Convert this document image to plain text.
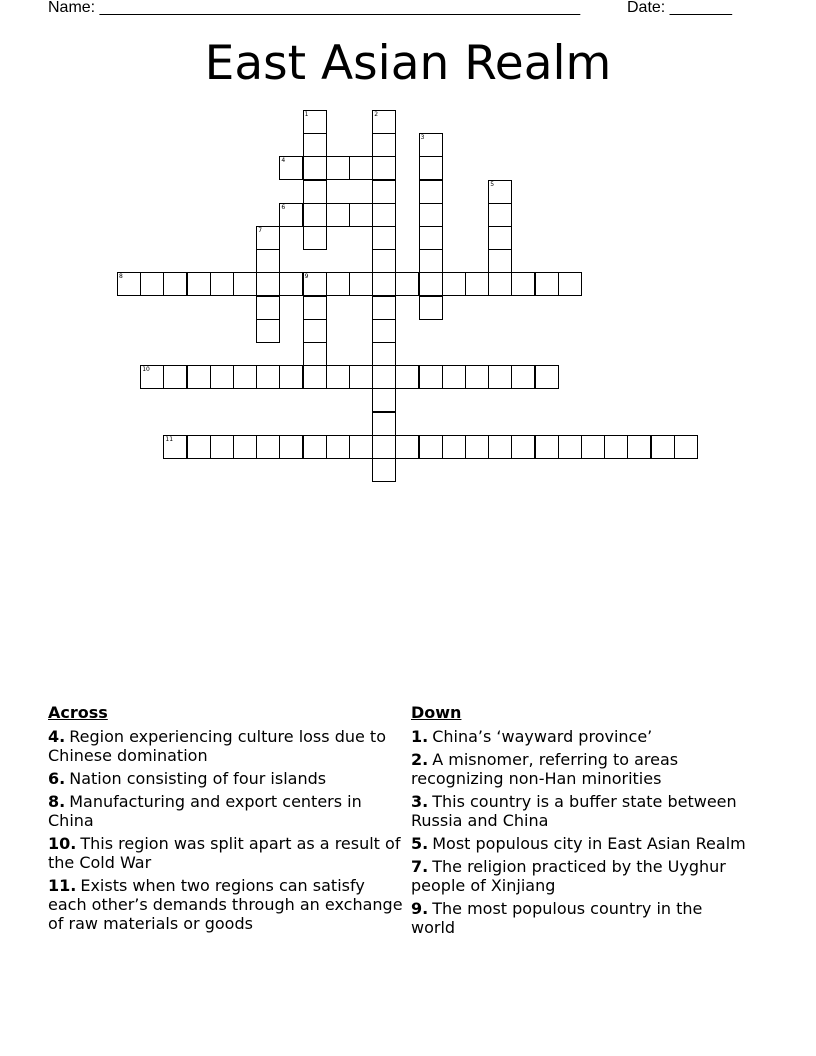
Name: ______________________________________________________	Date: _______
East Asian Realm
1	2
3
4
5
6
7
8	9
10
11
Across
4. Region experiencing culture loss due to Chinese domination
6. Nation consisting of four islands
8. Manufacturing and export centers in China
10. This region was split apart as a result of the Cold War
11. Exists when two regions can satisfy each other’s demands through an exchange of raw materials or goods
Down
1. China’s ‘wayward province’
2. A misnomer, referring to areas recognizing non-Han minorities
3. This country is a buffer state between Russia and China
5. Most populous city in East Asian Realm
7. The religion practiced by the Uyghur people of Xinjiang
9. The most populous country in the world
